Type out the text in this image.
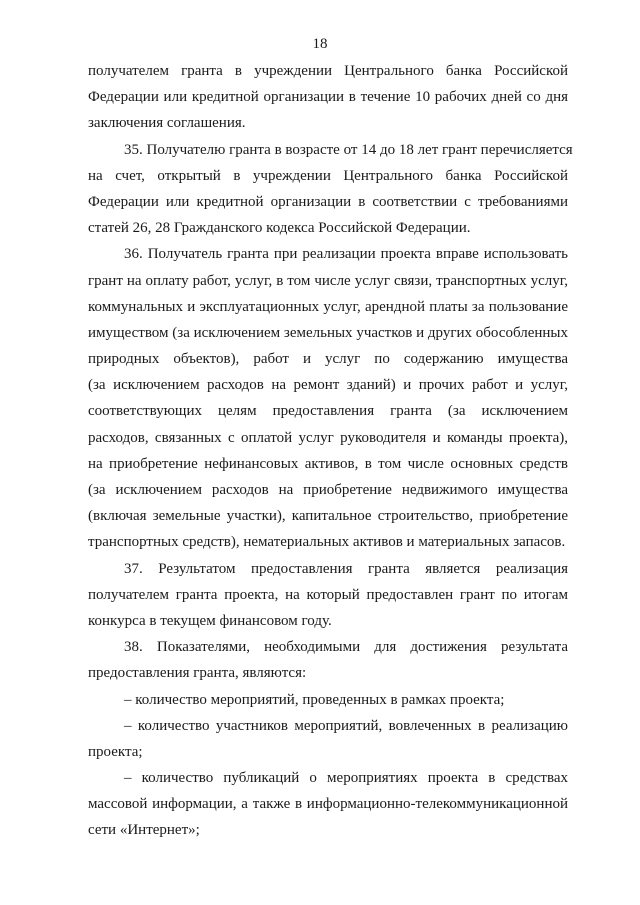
18
получателем гранта в учреждении Центрального банка Российской
Федерации или кредитной организации в течение 10 рабочих дней со дня
заключения соглашения.
35. Получателю гранта в возрасте от 14 до 18 лет грант перечисляется
на счет, открытый в учреждении Центрального банка Российской
Федерации или кредитной организации в соответствии с требованиями
статей 26, 28 Гражданского кодекса Российской Федерации.
36. Получатель гранта при реализации проекта вправе использовать
грант на оплату работ, услуг, в том числе услуг связи, транспортных услуг,
коммунальных и эксплуатационных услуг, арендной платы за пользование
имуществом (за исключением земельных участков и других обособленных
природных объектов), работ и услуг по содержанию имущества
(за исключением расходов на ремонт зданий) и прочих работ и услуг,
соответствующих целям предоставления гранта (за исключением
расходов, связанных с оплатой услуг руководителя и команды проекта),
на приобретение нефинансовых активов, в том числе основных средств
(за исключением расходов на приобретение недвижимого имущества
(включая земельные участки), капитальное строительство, приобретение
транспортных средств), нематериальных активов и материальных запасов.
37. Результатом предоставления гранта является реализация
получателем гранта проекта, на который предоставлен грант по итогам
конкурса в текущем финансовом году.
38. Показателями, необходимыми для достижения результата
предоставления гранта, являются:
– количество мероприятий, проведенных в рамках проекта;
– количество участников мероприятий, вовлеченных в реализацию
проекта;
– количество публикаций о мероприятиях проекта в средствах
массовой информации, а также в информационно-телекоммуникационной
сети «Интернет»;
